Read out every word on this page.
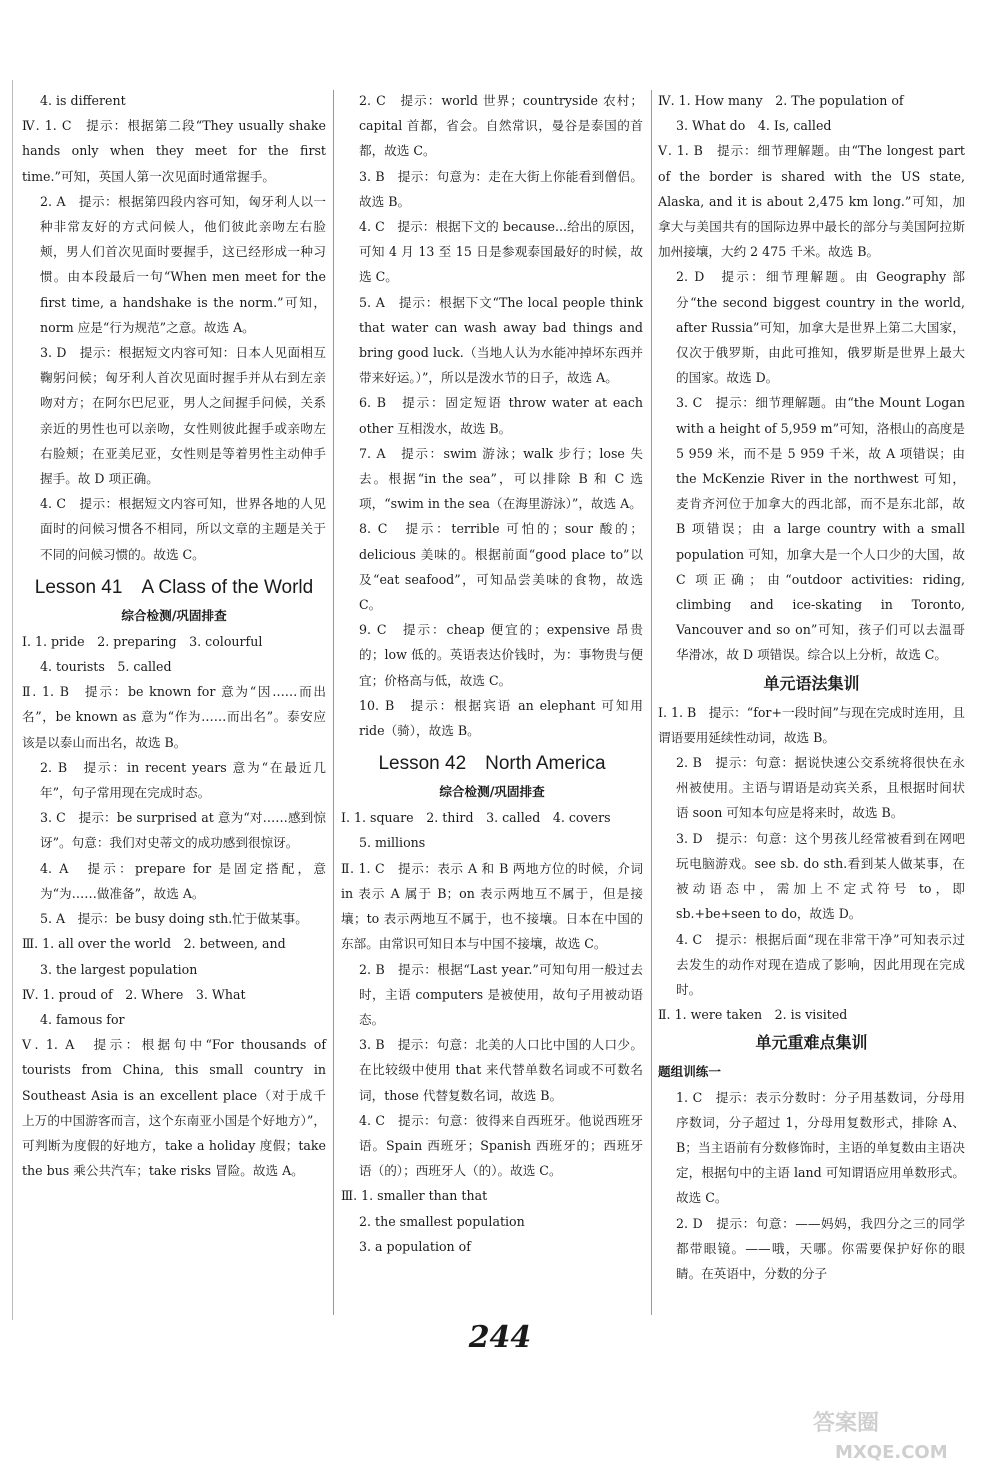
4. is different

Ⅳ. 1. C　提示：根据第二段“They usually shake hands only when they meet for the first time.”可知，英国人第一次见面时通常握手。

2. A　提示：根据第四段内容可知，匈牙利人以一种非常友好的方式问候人，他们彼此亲吻左右脸颊，男人们首次见面时要握手，这已经形成一种习惯。由本段最后一句“When men meet for the first time, a handshake is the norm.”可知，norm 应是“行为规范”之意。故选 A。

3. D　提示：根据短文内容可知：日本人见面相互鞠躬问候；匈牙利人首次见面时握手并从右到左亲吻对方；在阿尔巴尼亚，男人之间握手问候，关系亲近的男性也可以亲吻，女性则彼此握手或亲吻左右脸颊；在亚美尼亚，女性则是等着男性主动伸手握手。故 D 项正确。

4. C　提示：根据短文内容可知，世界各地的人见面时的问候习惯各不相同，所以文章的主题是关于不同的问候习惯的。故选 C。

Lesson 41　A Class of the World

综合检测/巩固排查

Ⅰ. 1. pride　2. preparing　3. colourful

4. tourists　5. called

Ⅱ. 1. B　提示：be known for 意为“因……而出名”，be known as 意为“作为……而出名”。泰安应该是以泰山而出名，故选 B。

2. B　提示：in recent years 意为“在最近几年”，句子常用现在完成时态。

3. C　提示：be surprised at 意为“对……感到惊讶”。句意：我们对史蒂文的成功感到很惊讶。

4. A　提示：prepare for 是固定搭配，意为“为……做准备”，故选 A。

5. A　提示：be busy doing sth.忙于做某事。

Ⅲ. 1. all over the world　2. between, and

3. the largest population

Ⅳ. 1. proud of　2. Where　3. What

4. famous for

Ⅴ. 1. A　提示：根据句中“For thousands of tourists from China, this small country in Southeast Asia is an excellent place（对于成千上万的中国游客而言，这个东南亚小国是个好地方）”，可判断为度假的好地方，take a holiday 度假；take the bus 乘公共汽车；take risks 冒险。故选 A。

2. C　提示：world 世界；countryside 农村；capital 首都，省会。自然常识，曼谷是泰国的首都，故选 C。

3. B　提示：句意为：走在大街上你能看到僧侣。故选 B。

4. C　提示：根据下文的 because...给出的原因，可知 4 月 13 至 15 日是参观泰国最好的时候，故选 C。

5. A　提示：根据下文“The local people think that water can wash away bad things and bring good luck.（当地人认为水能冲掉坏东西并带来好运。）”，所以是泼水节的日子，故选 A。

6. B　提示：固定短语 throw water at each other 互相泼水，故选 B。

7. A　提示：swim 游泳；walk 步行；lose 失去。根据“in the sea”，可以排除 B 和 C 选项，“swim in the sea（在海里游泳）”，故选 A。

8. C　提示：terrible 可怕的；sour 酸的；delicious 美味的。根据前面“good place to”以及“eat seafood”，可知品尝美味的食物，故选 C。

9. C　提示：cheap 便宜的；expensive 昂贵的；low 低的。英语表达价钱时，为：事物贵与便宜；价格高与低，故选 C。

10. B　提示：根据宾语 an elephant 可知用 ride（骑），故选 B。

Lesson 42　North America

综合检测/巩固排查

Ⅰ. 1. square　2. third　3. called　4. covers

5. millions

Ⅱ. 1. C　提示：表示 A 和 B 两地方位的时候，介词 in 表示 A 属于 B；on 表示两地互不属于，但是接壤；to 表示两地互不属于，也不接壤。日本在中国的东部。由常识可知日本与中国不接壤，故选 C。

2. B　提示：根据“Last year.”可知句用一般过去时，主语 computers 是被使用，故句子用被动语态。

3. B　提示：句意：北美的人口比中国的人口少。在比较级中使用 that 来代替单数名词或不可数名词，those 代替复数名词，故选 B。

4. C　提示：句意：彼得来自西班牙。他说西班牙语。Spain 西班牙；Spanish 西班牙的；西班牙语（的）；西班牙人（的）。故选 C。

Ⅲ. 1. smaller than that

2. the smallest population

3. a population of

Ⅳ. 1. How many　2. The population of

3. What do　4. Is, called

Ⅴ. 1. B　提示：细节理解题。由“The longest part of the border is shared with the US state, Alaska, and it is about 2,475 km long.”可知，加拿大与美国共有的国际边界中最长的部分与美国阿拉斯加州接壤，大约 2 475 千米。故选 B。

2. D　提示：细节理解题。由 Geography 部分“the second biggest country in the world, after Russia”可知，加拿大是世界上第二大国家，仅次于俄罗斯，由此可推知，俄罗斯是世界上最大的国家。故选 D。

3. C　提示：细节理解题。由“the Mount Logan with a height of 5,959 m”可知，洛根山的高度是 5 959 米，而不是 5 959 千米，故 A 项错误；由 the McKenzie River in the northwest 可知，麦肯齐河位于加拿大的西北部，而不是东北部，故 B 项错误；由 a large country with a small population 可知，加拿大是一个人口少的大国，故 C 项正确；由“outdoor activities: riding, climbing and ice-skating in Toronto, Vancouver and so on”可知，孩子们可以去温哥华滑冰，故 D 项错误。综合以上分析，故选 C。

单元语法集训

Ⅰ. 1. B　提示：“for+一段时间”与现在完成时连用，且谓语要用延续性动词，故选 B。

2. B　提示：句意：据说快速公交系统将很快在永州被使用。主语与谓语是动宾关系，且根据时间状语 soon 可知本句应是将来时，故选 B。

3. D　提示：句意：这个男孩儿经常被看到在网吧玩电脑游戏。see sb. do sth.看到某人做某事，在被动语态中，需加上不定式符号 to，即 sb.+be+seen to do，故选 D。

4. C　提示：根据后面“现在非常干净”可知表示过去发生的动作对现在造成了影响，因此用现在完成时。

Ⅱ. 1. were taken　2. is visited

单元重难点集训

题组训练一

1. C　提示：表示分数时：分子用基数词，分母用序数词，分子超过 1，分母用复数形式，排除 A、B；当主语前有分数修饰时，主语的单复数由主语决定，根据句中的主语 land 可知谓语应用单数形式。故选 C。

2. D　提示：句意：——妈妈，我四分之三的同学都带眼镜。——哦，天哪。你需要保护好你的眼睛。在英语中，分数的分子

244
答案圈
MXQE.COM
